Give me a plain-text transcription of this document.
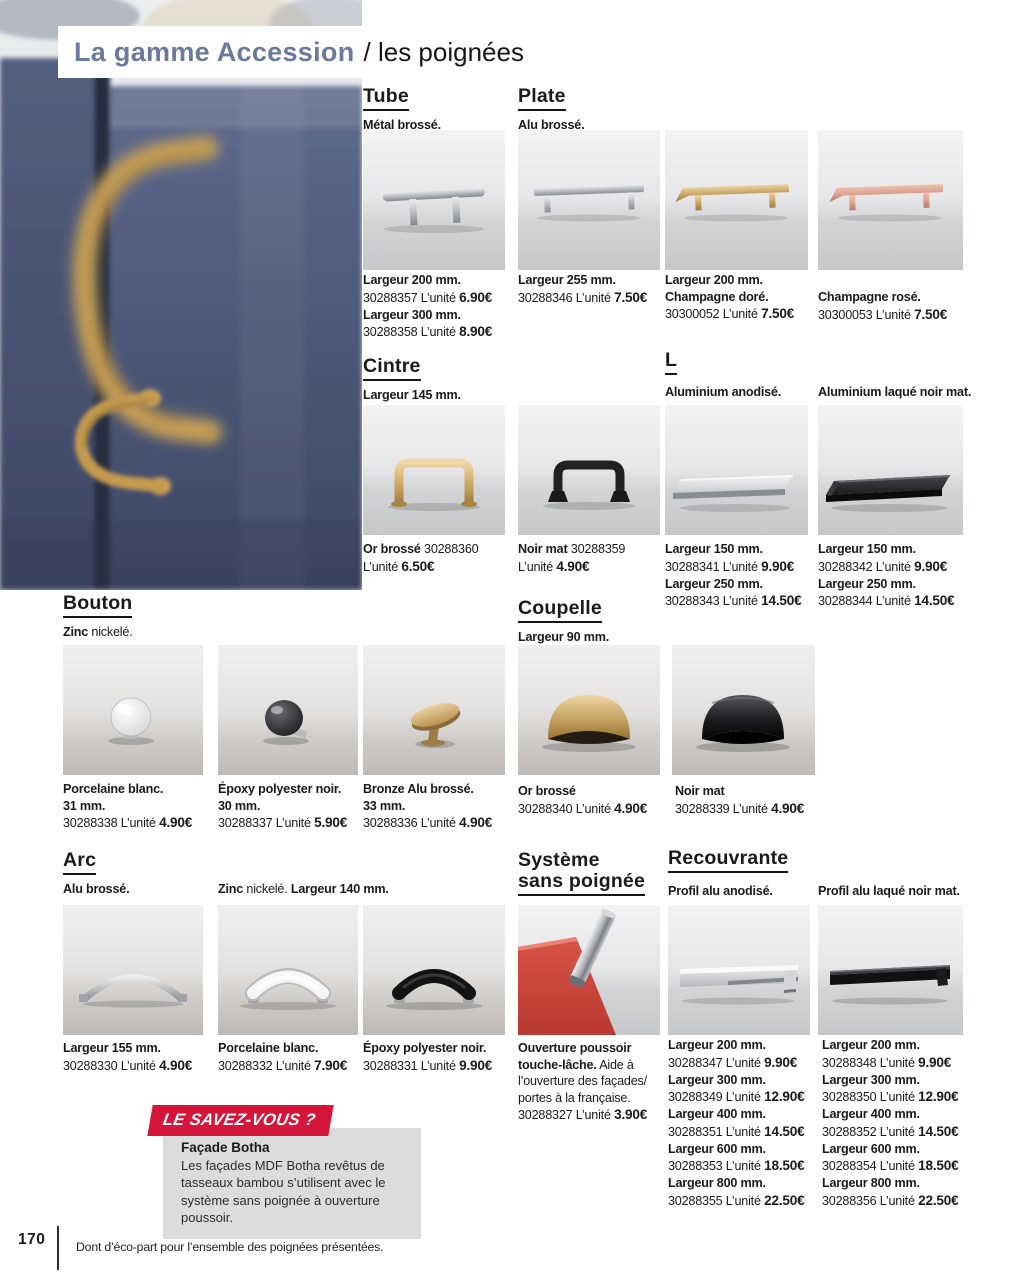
La gamme Accession / les poignées
Tube
Métal brossé.
Plate
Alu brossé.
Largeur 200 mm.
30288357 L’unité 6.90€
Largeur 300 mm.
30288358 L’unité 8.90€
Largeur 255 mm.
30288346 L’unité 7.50€
Largeur 200 mm.
Champagne doré.
30300052 L’unité 7.50€
Champagne rosé.
30300053 L’unité 7.50€
Cintre
Largeur 145 mm.
L
Aluminium anodisé.	Aluminium laqué noir mat.
Or brossé 30288360
L’unité 6.50€
Noir mat 30288359
L’unité 4.90€
Largeur 150 mm.
30288341 L’unité 9.90€
Largeur 250 mm.
30288343 L’unité 14.50€
Largeur 150 mm.
30288342 L’unité 9.90€
Largeur 250 mm.
30288344 L’unité 14.50€
Bouton
Zinc nickelé.
Coupelle
Largeur 90 mm.
Porcelaine blanc.
31 mm.
30288338 L’unité 4.90€
Époxy polyester noir.
30 mm.
30288337 L’unité 5.90€
Bronze Alu brossé.
33 mm.
30288336 L’unité 4.90€
Or brossé
30288340 L’unité 4.90€
Noir mat
30288339 L’unité 4.90€
Arc
Alu brossé.	Zinc nickelé. Largeur 140 mm.
Système
sans poignée
Recouvrante
Profil alu anodisé.	Profil alu laqué noir mat.
Largeur 155 mm.
30288330 L’unité 4.90€
Porcelaine blanc.
30288332 L’unité 7.90€
Époxy polyester noir.
30288331 L’unité 9.90€
Ouverture poussoir touche-lâche. Aide à l’ouverture des façades/ portes à la française.
30288327 L’unité 3.90€
Largeur 200 mm.
30288347 L’unité 9.90€
Largeur 300 mm.
30288349 L’unité 12.90€
Largeur 400 mm.
30288351 L’unité 14.50€
Largeur 600 mm.
30288353 L’unité 18.50€
Largeur 800 mm.
30288355 L’unité 22.50€
Largeur 200 mm.
30288348 L’unité 9.90€
Largeur 300 mm.
30288350 L’unité 12.90€
Largeur 400 mm.
30288352 L’unité 14.50€
Largeur 600 mm.
30288354 L’unité 18.50€
Largeur 800 mm.
30288356 L’unité 22.50€
LE SAVEZ-VOUS ?
Façade Botha
Les façades MDF Botha revêtus de tasseaux bambou s’utilisent avec le système sans poignée à ouverture poussoir.
170 Dont d’éco-part pour l’ensemble des poignées présentées.
